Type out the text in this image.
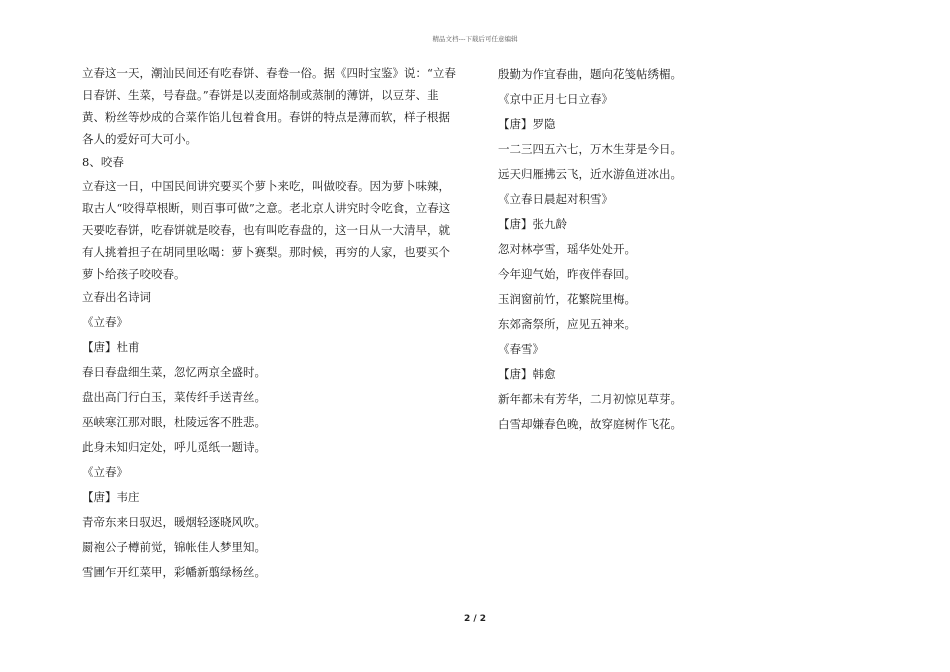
精品文档---下载后可任意编辑

立春这一天，潮汕民间还有吃春饼、春卷一俗。据《四时宝鉴》说：“立春日春饼、生菜，号春盘。”春饼是以麦面烙制或蒸制的薄饼，以豆芽、韭黄、粉丝等炒成的合菜作馅儿包着食用。春饼的特点是薄而软，样子根据各人的爱好可大可小。

8、咬春

立春这一日，中国民间讲究要买个萝卜来吃，叫做咬春。因为萝卜味辣，取古人“咬得草根断，则百事可做”之意。老北京人讲究时令吃食，立春这天要吃春饼，吃春饼就是咬春，也有叫吃春盘的，这一日从一大清早，就有人挑着担子在胡同里吆喝：萝卜赛梨。那时候，再穷的人家，也要买个萝卜给孩子咬咬春。

立春出名诗词

《立春》

【唐】杜甫

春日春盘细生菜，忽忆两京全盛时。

盘出高门行白玉，菜传纤手送青丝。

巫峡寒江那对眼，杜陵远客不胜悲。

此身未知归定处，呼儿觅纸一题诗。

《立春》

【唐】韦庄

青帝东来日驭迟，暖烟轻逐晓风吹。

罽袍公子樽前觉，锦帐佳人梦里知。

雪圃乍开红菜甲，彩幡新翦绿杨丝。

殷勤为作宜春曲，题向花笺帖绣楣。

《京中正月七日立春》

【唐】罗隐

一二三四五六七，万木生芽是今日。

远天归雁拂云飞，近水游鱼迸冰出。

《立春日晨起对积雪》

【唐】张九龄

忽对林亭雪，瑶华处处开。

今年迎气始，昨夜伴春回。

玉润窗前竹，花繁院里梅。

东郊斋祭所，应见五神来。

《春雪》

【唐】韩愈

新年都未有芳华，二月初惊见草芽。

白雪却嫌春色晚，故穿庭树作飞花。

2 / 2
